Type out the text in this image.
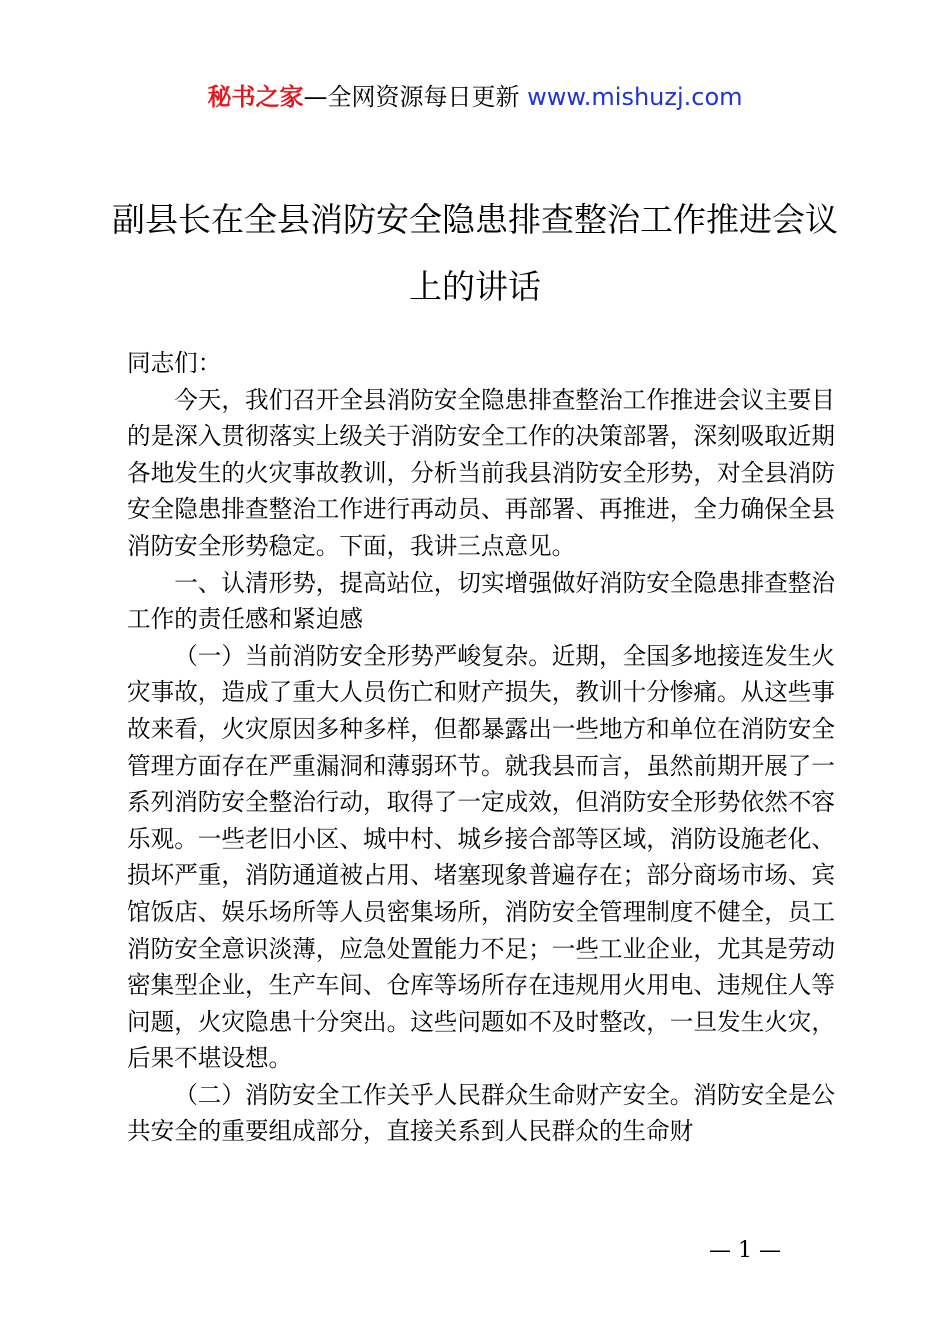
秘书之家—全网资源每日更新 www.mishuzj.com
副县长在全县消防安全隐患排查整治工作推进会议上的讲话

同志们：

今天，我们召开全县消防安全隐患排查整治工作推进会议主要目的是深入贯彻落实上级关于消防安全工作的决策部署，深刻吸取近期各地发生的火灾事故教训，分析当前我县消防安全形势，对全县消防安全隐患排查整治工作进行再动员、再部署、再推进，全力确保全县消防安全形势稳定。下面，我讲三点意见。

一、认清形势，提高站位，切实增强做好消防安全隐患排查整治工作的责任感和紧迫感

（一）当前消防安全形势严峻复杂。近期，全国多地接连发生火灾事故，造成了重大人员伤亡和财产损失，教训十分惨痛。从这些事故来看，火灾原因多种多样，但都暴露出一些地方和单位在消防安全管理方面存在严重漏洞和薄弱环节。就我县而言，虽然前期开展了一系列消防安全整治行动，取得了一定成效，但消防安全形势依然不容乐观。一些老旧小区、城中村、城乡接合部等区域，消防设施老化、损坏严重，消防通道被占用、堵塞现象普遍存在；部分商场市场、宾馆饭店、娱乐场所等人员密集场所，消防安全管理制度不健全，员工消防安全意识淡薄，应急处置能力不足；一些工业企业，尤其是劳动密集型企业，生产车间、仓库等场所存在违规用火用电、违规住人等问题，火灾隐患十分突出。这些问题如不及时整改，一旦发生火灾，后果不堪设想。

（二）消防安全工作关乎人民群众生命财产安全。消防安全是公共安全的重要组成部分，直接关系到人民群众的生命财

— 1 —
